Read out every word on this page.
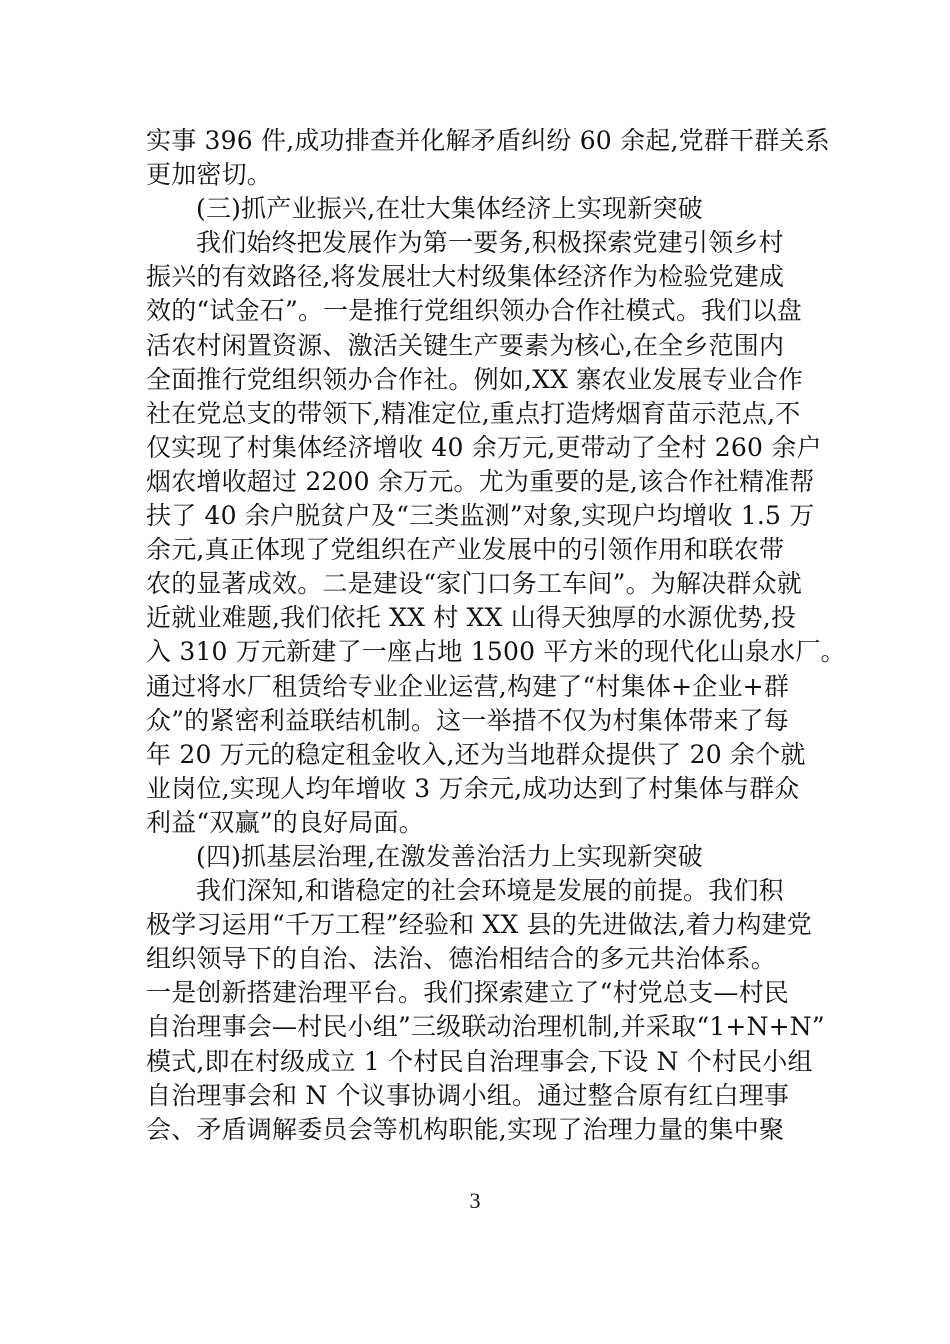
实事 396 件,成功排查并化解矛盾纠纷 60 余起,党群干群关系
更加密切。
(三)抓产业振兴,在壮大集体经济上实现新突破
我们始终把发展作为第一要务,积极探索党建引领乡村
振兴的有效路径,将发展壮大村级集体经济作为检验党建成
效的“试金石”。一是推行党组织领办合作社模式。我们以盘
活农村闲置资源、激活关键生产要素为核心,在全乡范围内
全面推行党组织领办合作社。例如,XX 寨农业发展专业合作
社在党总支的带领下,精准定位,重点打造烤烟育苗示范点,不
仅实现了村集体经济增收 40 余万元,更带动了全村 260 余户
烟农增收超过 2200 余万元。尤为重要的是,该合作社精准帮
扶了 40 余户脱贫户及“三类监测”对象,实现户均增收 1.5 万
余元,真正体现了党组织在产业发展中的引领作用和联农带
农的显著成效。二是建设“家门口务工车间”。为解决群众就
近就业难题,我们依托 XX 村 XX 山得天独厚的水源优势,投
入 310 万元新建了一座占地 1500 平方米的现代化山泉水厂。
通过将水厂租赁给专业企业运营,构建了“村集体+企业+群
众”的紧密利益联结机制。这一举措不仅为村集体带来了每
年 20 万元的稳定租金收入,还为当地群众提供了 20 余个就
业岗位,实现人均年增收 3 万余元,成功达到了村集体与群众
利益“双赢”的良好局面。
(四)抓基层治理,在激发善治活力上实现新突破
我们深知,和谐稳定的社会环境是发展的前提。我们积
极学习运用“千万工程”经验和 XX 县的先进做法,着力构建党
组织领导下的自治、法治、德治相结合的多元共治体系。
一是创新搭建治理平台。我们探索建立了“村党总支—村民
自治理事会—村民小组”三级联动治理机制,并采取“1+N+N”
模式,即在村级成立 1 个村民自治理事会,下设 N 个村民小组
自治理事会和 N 个议事协调小组。通过整合原有红白理事
会、矛盾调解委员会等机构职能,实现了治理力量的集中聚
3
